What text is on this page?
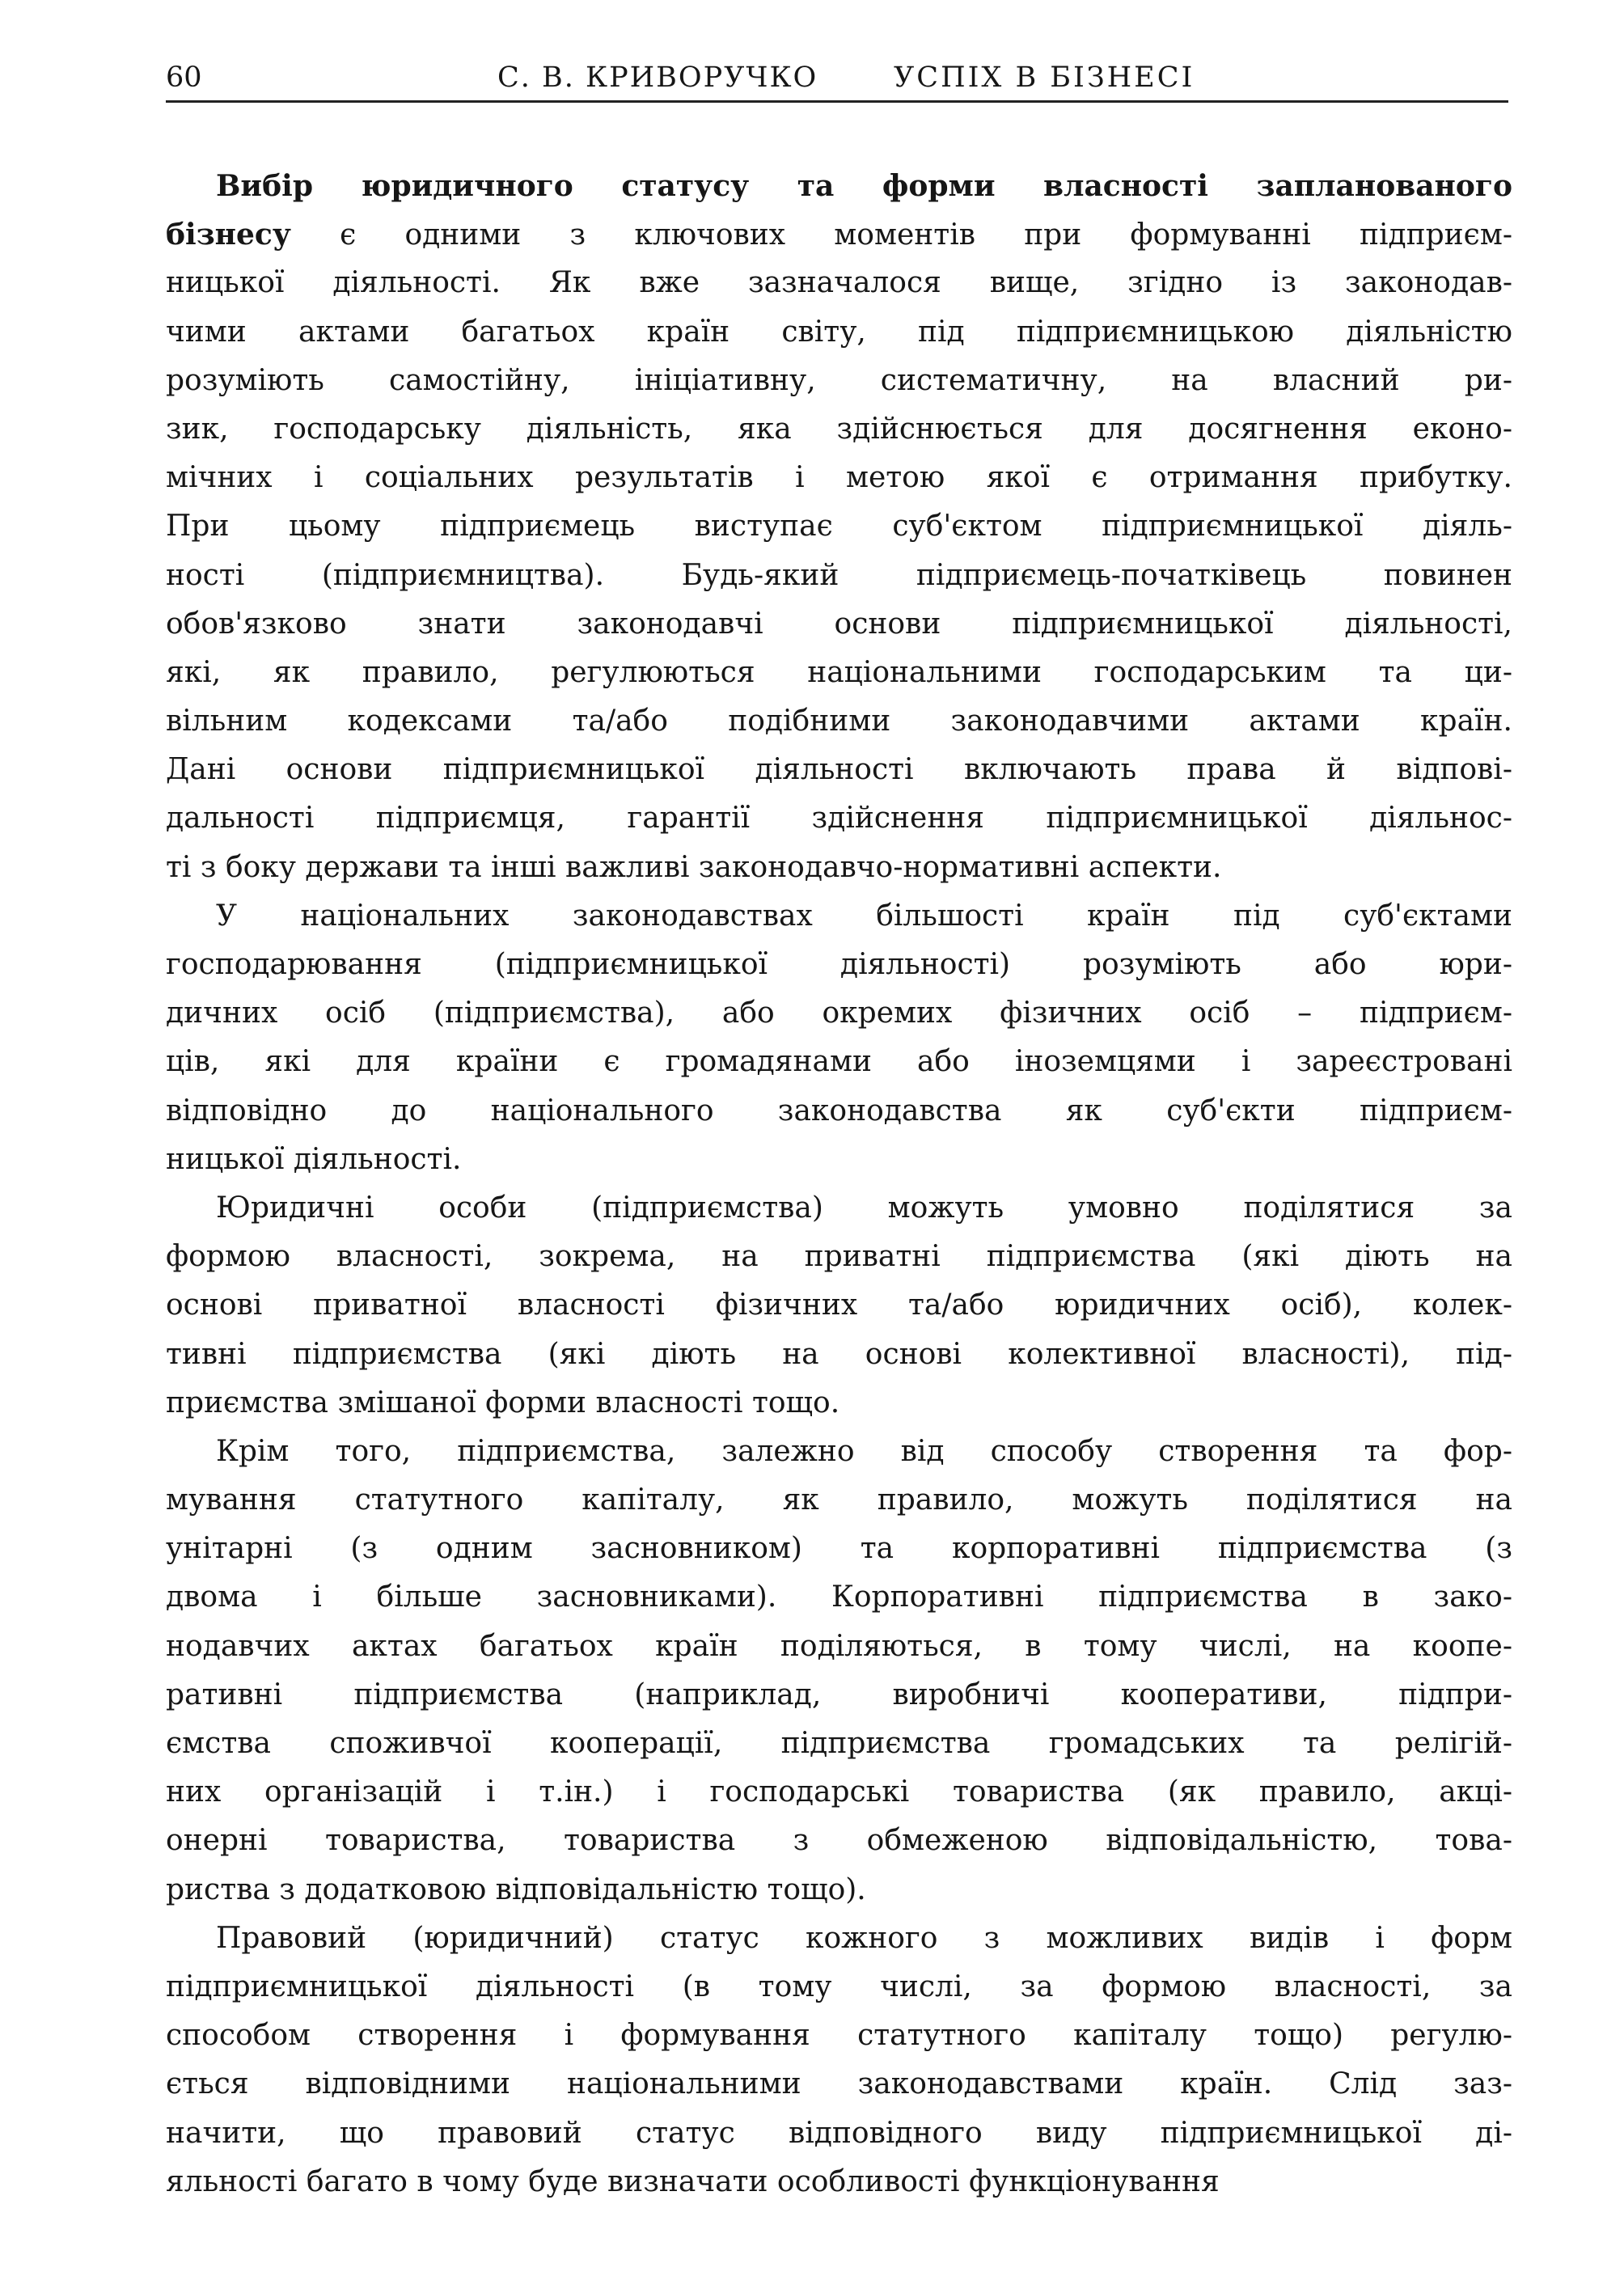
60	С. В. КРИВОРУЧКО	УСПІХ В БІЗНЕСІ
Вибір юридичного статусу та форми власності запланованого
бізнесу є одними з ключових моментів при формуванні підприєм-
ницької діяльності. Як вже зазначалося вище, згідно із законодав-
чими актами багатьох країн світу, під підприємницькою діяльністю
розуміють самостійну, ініціативну, систематичну, на власний ри-
зик, господарську діяльність, яка здійснюється для досягнення еконо-
мічних і соціальних результатів і метою якої є отримання прибутку.
При цьому підприємець виступає суб'єктом підприємницької діяль-
ності (підприємництва). Будь-який підприємець-початківець повинен
обов'язково знати законодавчі основи підприємницької діяльності,
які, як правило, регулюються національними господарським та ци-
вільним кодексами та/або подібними законодавчими актами країн.
Дані основи підприємницької діяльності включають права й відпові-
дальності підприємця, гарантії здійснення підприємницької діяльнос-
ті з боку держави та інші важливі законодавчо-нормативні аспекти.
У національних законодавствах більшості країн під суб'єктами
господарювання (підприємницької діяльності) розуміють або юри-
дичних осіб (підприємства), або окремих фізичних осіб – підприєм-
ців, які для країни є громадянами або іноземцями і зареєстровані
відповідно до національного законодавства як суб'єкти підприєм-
ницької діяльності.
Юридичні особи (підприємства) можуть умовно поділятися за
формою власності, зокрема, на приватні підприємства (які діють на
основі приватної власності фізичних та/або юридичних осіб), колек-
тивні підприємства (які діють на основі колективної власності), під-
приємства змішаної форми власності тощо.
Крім того, підприємства, залежно від способу створення та фор-
мування статутного капіталу, як правило, можуть поділятися на
унітарні (з одним засновником) та корпоративні підприємства (з
двома і більше засновниками). Корпоративні підприємства в зако-
нодавчих актах багатьох країн поділяються, в тому числі, на коопе-
ративні підприємства (наприклад, виробничі кооперативи, підпри-
ємства споживчої кооперації, підприємства громадських та релігій-
них організацій і т.ін.) і господарські товариства (як правило, акці-
онерні товариства, товариства з обмеженою відповідальністю, това-
риства з додатковою відповідальністю тощо).
Правовий (юридичний) статус кожного з можливих видів і форм
підприємницької діяльності (в тому числі, за формою власності, за
способом створення і формування статутного капіталу тощо) регулю-
ється відповідними національними законодавствами країн. Слід зaз-
начити, що правовий статус відповідного виду підприємницької ді-
яльності багато в чому буде визначати особливості функціонування
